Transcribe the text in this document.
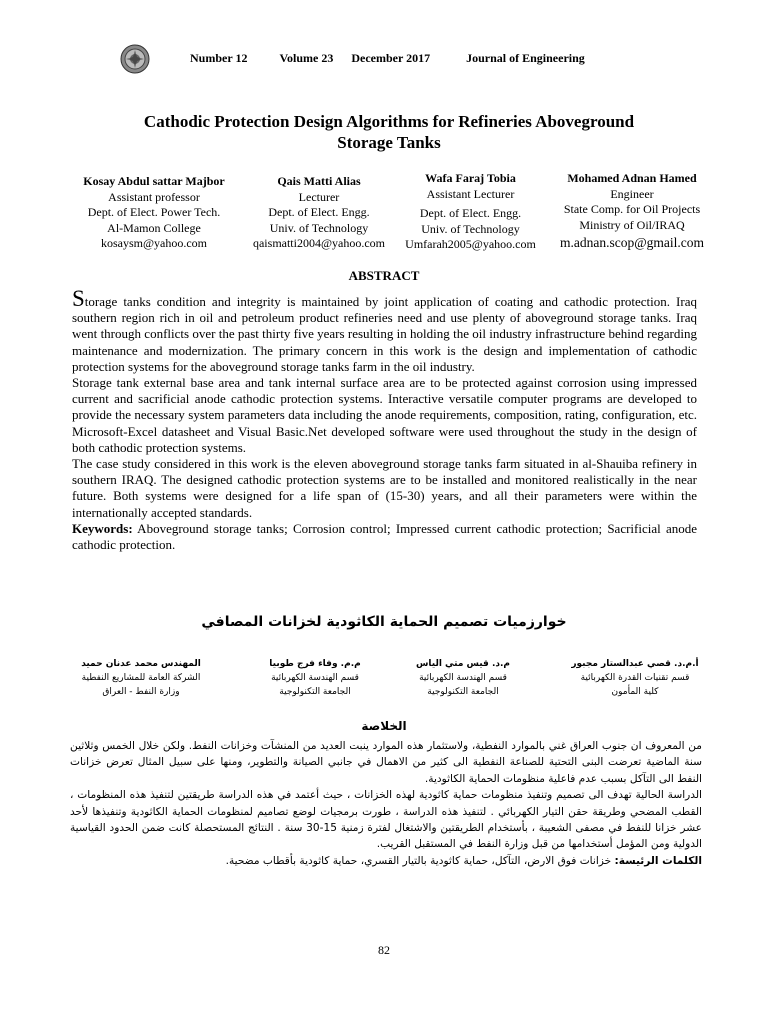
Number 12	Volume 23 December 2017	Journal of Engineering
Cathodic Protection Design Algorithms for Refineries Aboveground
Storage Tanks
Kosay Abdul sattar Majbor
Assistant professor
Dept. of Elect. Power Tech.
Al-Mamon College
kosaysm@yahoo.com
Qais Matti Alias
Lecturer
Dept. of Elect. Engg.
Univ. of Technology
qaismatti2004@yahoo.com
Wafa Faraj Tobia
Assistant Lecturer
Dept. of Elect. Engg.
Univ. of Technology
Umfarah2005@yahoo.com
Mohamed Adnan Hamed
Engineer
State Comp. for Oil Projects
Ministry of Oil/IRAQ
m.adnan.scop@gmail.com
ABSTRACT

Storage tanks condition and integrity is maintained by joint application of coating and cathodic protection. Iraq southern region rich in oil and petroleum product refineries need and use plenty of aboveground storage tanks. Iraq went through conflicts over the past thirty five years resulting in holding the oil industry infrastructure behind regarding maintenance and modernization. The primary concern in this work is the design and implementation of cathodic protection systems for the aboveground storage tanks farm in the oil industry.

Storage tank external base area and tank internal surface area are to be protected against corrosion using impressed current and sacrificial anode cathodic protection systems. Interactive versatile computer programs are developed to provide the necessary system parameters data including the anode requirements, composition, rating, configuration, etc. Microsoft-Excel datasheet and Visual Basic.Net developed software were used throughout the study in the design of both cathodic protection systems.

The case study considered in this work is the eleven aboveground storage tanks farm situated in al-Shauiba refinery in southern IRAQ. The designed cathodic protection systems are to be installed and monitored realistically in the near future. Both systems were designed for a life span of (15-30) years, and all their parameters were within the internationally accepted standards.

Keywords: Aboveground storage tanks; Corrosion control; Impressed current cathodic protection; Sacrificial anode cathodic protection.

خوارزميات تصميم الحماية الكاثودية لخزانات المصافي
المهندس محمد عدنان حميد
الشركة العامة للمشاريع النفطية
وزارة النفط - العراق
م.م. وفاء فرج طوبيا
قسم الهندسة الكهربائية
الجامعة التكنولوجية
م.د. قيس متي الياس
قسم الهندسة الكهربائية
الجامعة التكنولوجية
أ.م.د. قصي عبدالستار مجبور
قسم تقنيات القدرة الكهربائية
كلية المأمون
الخلاصة

من المعروف ان جنوب العراق غني بالموارد النفطية، ولاستثمار هذه الموارد ينبت العديد من المنشآت وخزانات النفط. ولكن خلال الخمس وثلاثين سنة الماضية تعرضت البنى التحتية للصناعة النفطية الى كثير من الاهمال في جانبي الصيانة والتطوير، ومنها على سبيل المثال تعرض خزانات النفط الى التآكل بسبب عدم فاعلية منظومات الحماية الكاثودية.

الدراسة الحالية تهدف الى تصميم وتنفيذ منظومات حماية كاثودية لهذه الخزانات ، حيث أعتمد في هذه الدراسة طريقتين لتنفيذ هذه المنظومات ، القطب المضحي وطريقة حقن التيار الكهربائي . لتنفيذ هذه الدراسة ، طورت برمجيات لوضع تصاميم لمنظومات الحماية الكاثودية وتنفيذها لأحد عشر خزانا للنفط في مصفى الشعيبة ، بأستخدام الطريقتين والاشتغال لفترة زمنية 15-30 سنة . النتائج المستحصلة كانت ضمن الحدود القياسية الدولية ومن المؤمل أستخدامها من قبل وزارة النفط في المستقبل القريب.

الكلمات الرئيسة: خزانات فوق الارض، التآكل، حماية كاثودية بالتيار القسري، حماية كاثودية بأقطاب مضحية.

82
